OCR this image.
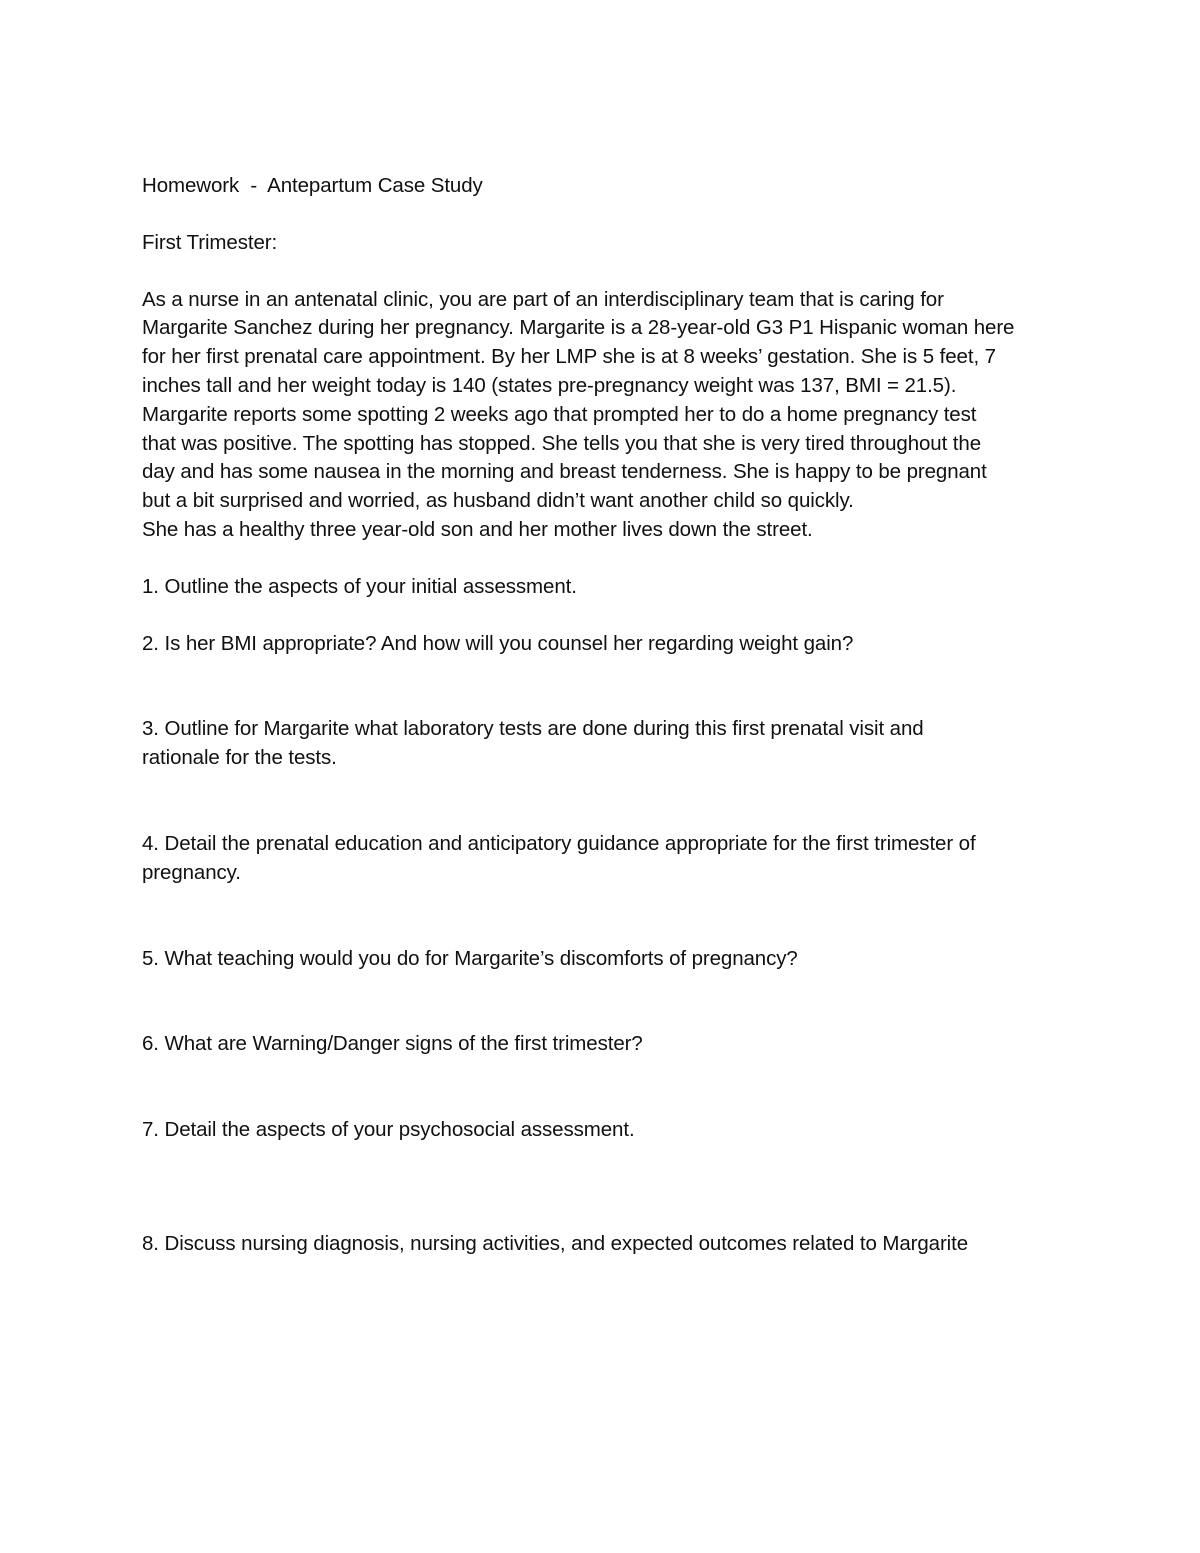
Homework  -  Antepartum Case Study
First Trimester:

As a nurse in an antenatal clinic, you are part of an interdisciplinary team that is caring for
Margarite Sanchez during her pregnancy. Margarite is a 28-year-old G3 P1 Hispanic woman here
for her first prenatal care appointment. By her LMP she is at 8 weeks’ gestation. She is 5 feet, 7
inches tall and her weight today is 140 (states pre-pregnancy weight was 137, BMI = 21.5).
Margarite reports some spotting 2 weeks ago that prompted her to do a home pregnancy test
that was positive. The spotting has stopped. She tells you that she is very tired throughout the
day and has some nausea in the morning and breast tenderness. She is happy to be pregnant
but a bit surprised and worried, as husband didn’t want another child so quickly.
She has a healthy three year-old son and her mother lives down the street.

1. Outline the aspects of your initial assessment.
2. Is her BMI appropriate? And how will you counsel her regarding weight gain?
3. Outline for Margarite what laboratory tests are done during this first prenatal visit and
rationale for the tests.
4. Detail the prenatal education and anticipatory guidance appropriate for the first trimester of
pregnancy.
5. What teaching would you do for Margarite’s discomforts of pregnancy?
6. What are Warning/Danger signs of the first trimester?
7. Detail the aspects of your psychosocial assessment.
8. Discuss nursing diagnosis, nursing activities, and expected outcomes related to Margarite
